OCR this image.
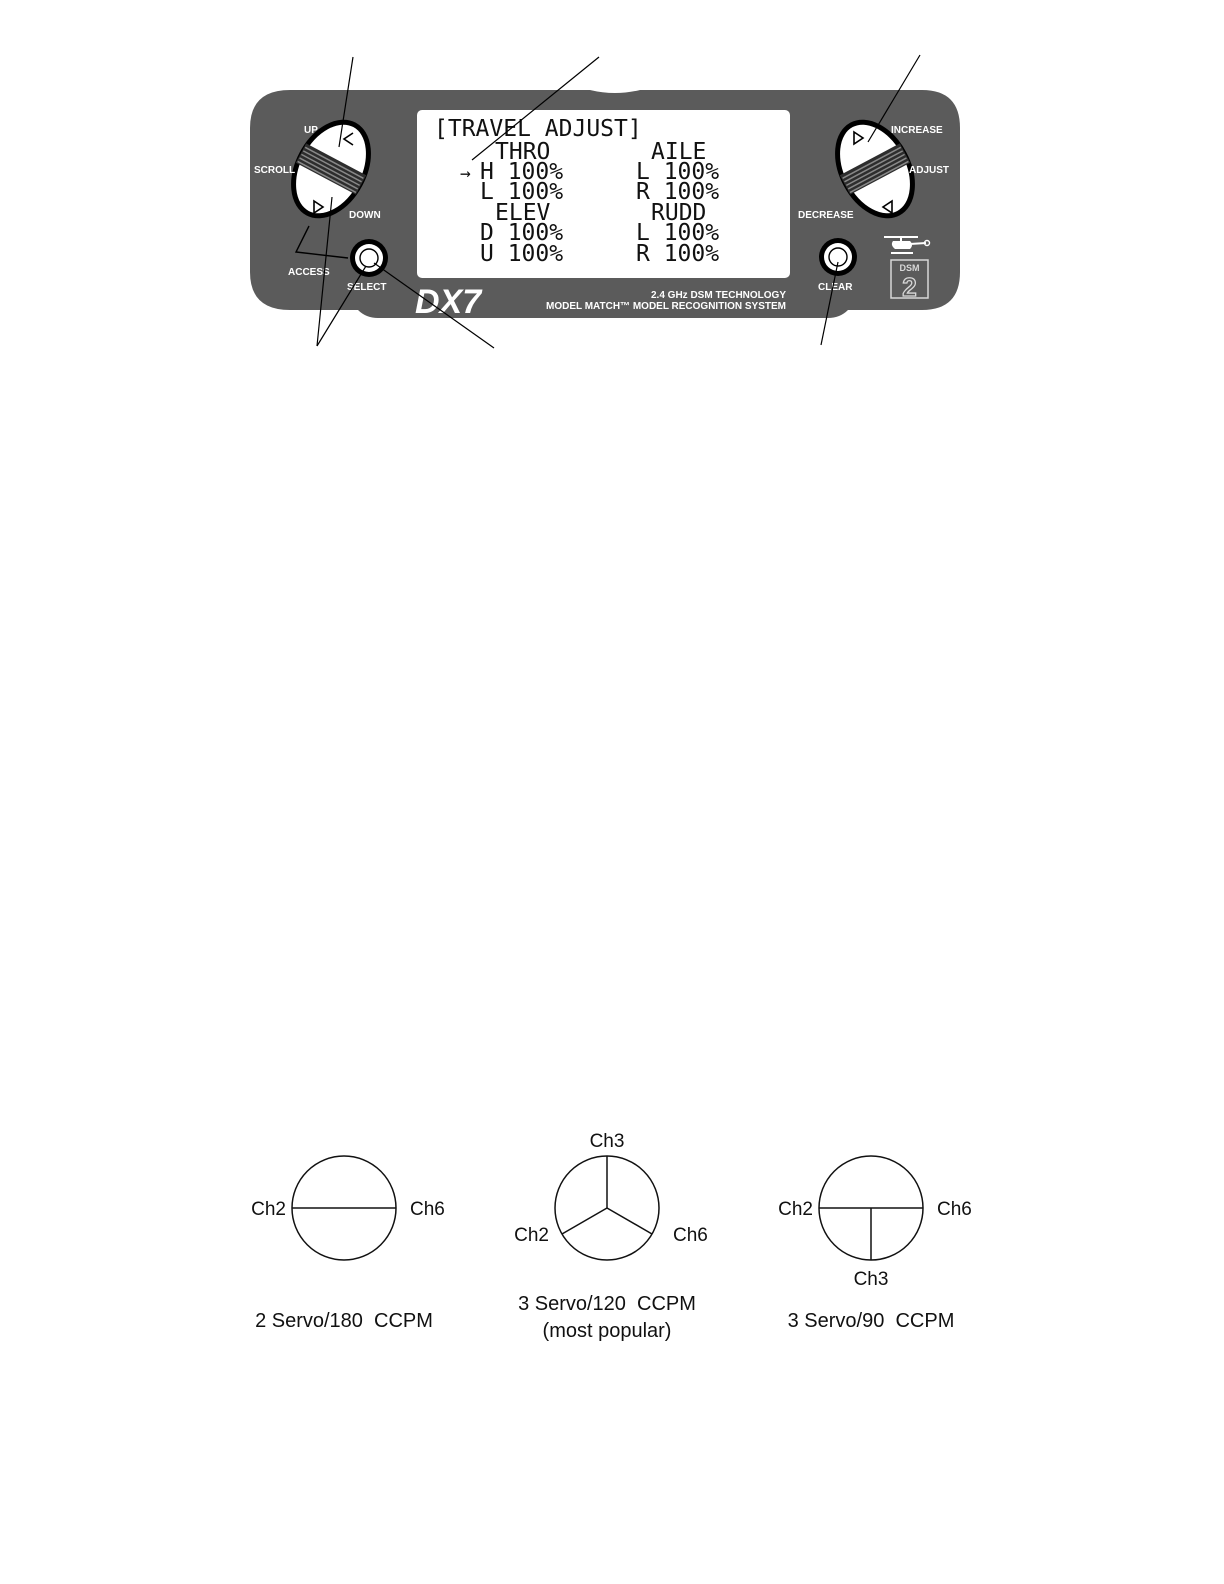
[TRAVEL ADJUST]
THRO	AILE
→ H 100%	L 100%
L 100%	R 100%
ELEV	RUDD
D 100%	L 100%
U 100%	R 100%
UP
SCROLL
DOWN
ACCESS
SELECT
INCREASE
ADJUST
DECREASE
CLEAR
DX7	2.4 GHz DSM TECHNOLOGY
MODEL MATCH™ MODEL RECOGNITION SYSTEM
DSM
2
Ch2	Ch6
2 Servo/180  CCPM
Ch3
Ch2	Ch6
3 Servo/120  CCPM
(most popular)
Ch2	Ch6
Ch3
3 Servo/90  CCPM
